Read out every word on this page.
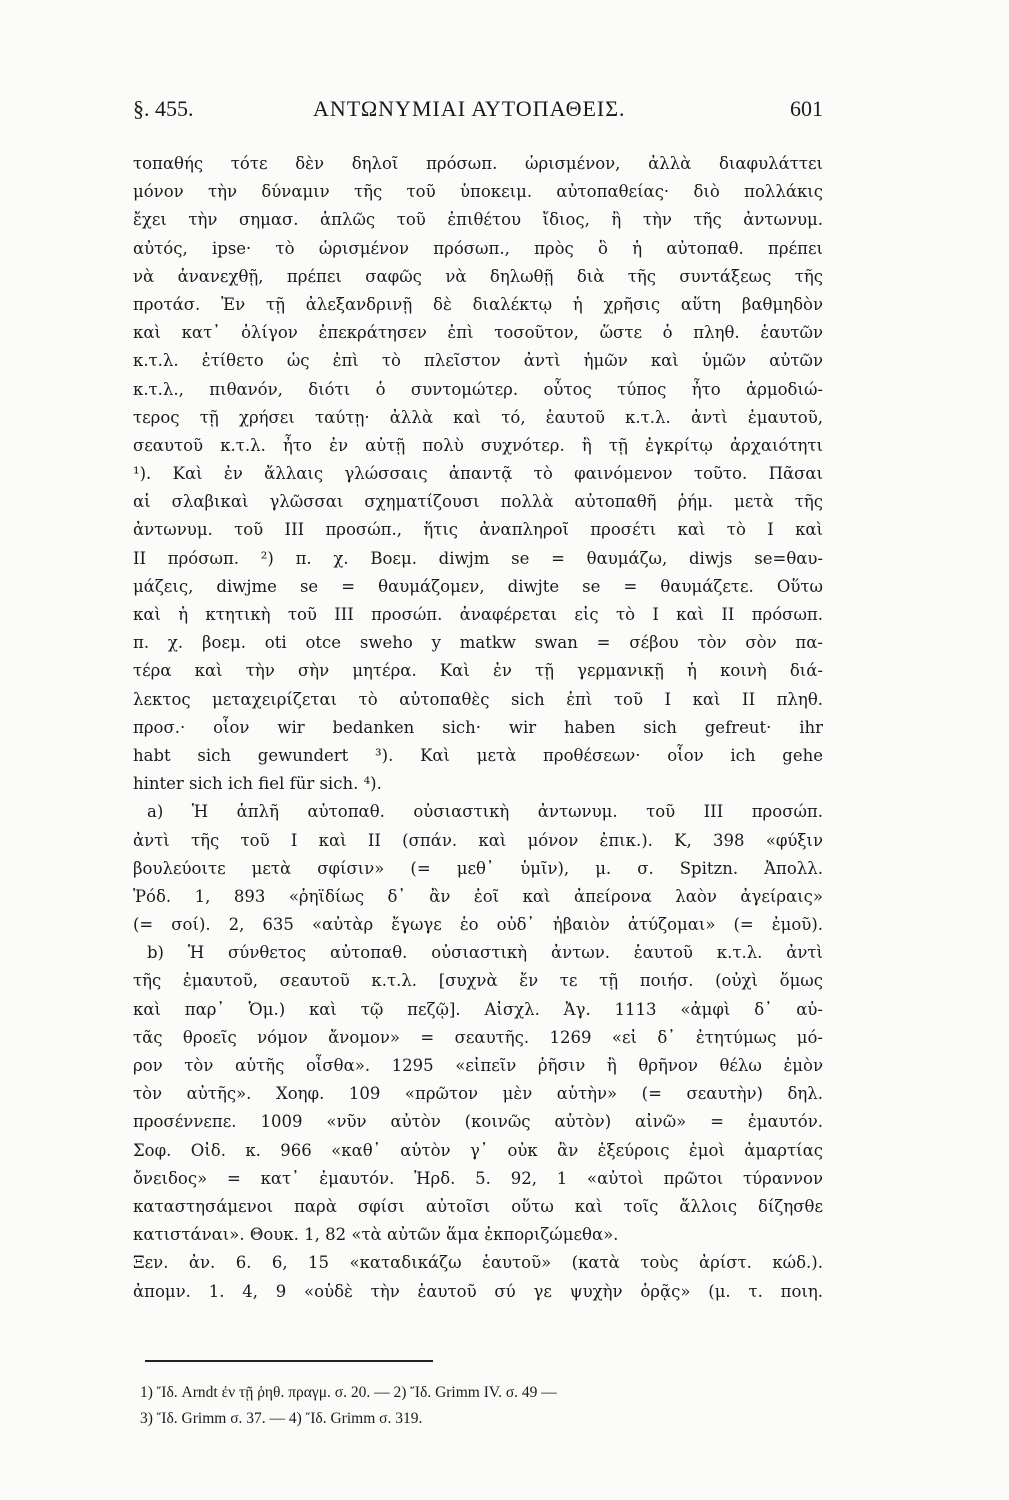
§. 455.	ΑΝΤΩΝΥΜΙΑΙ ΑΥΤΟΠΑΘΕΙΣ.	601
τοπαθής τότε δὲν δηλοῖ πρόσωπ. ὡρισμένον, ἀλλὰ διαφυλάττει
μόνον τὴν δύναμιν τῆς τοῦ ὑποκειμ. αὐτοπαθείας· διὸ πολλάκις
ἔχει τὴν σημασ. ἁπλῶς τοῦ ἐπιθέτου ἴδιος, ἢ τὴν τῆς ἀντωνυμ.
αὐτός, ipse· τὸ ὡρισμένον πρόσωπ., πρὸς ὃ ἡ αὐτοπαθ. πρέπει
νὰ ἀνανεχθῇ, πρέπει σαφῶς νὰ δηλωθῇ διὰ τῆς συντάξεως τῆς
προτάσ. Ἐν τῇ ἀλεξανδρινῇ δὲ διαλέκτῳ ἡ χρῆσις αὕτη βαθμηδὸν
καὶ κατ᾽ ὀλίγον ἐπεκράτησεν ἐπὶ τοσοῦτον, ὥστε ὁ πληθ. ἑαυτῶν
κ.τ.λ. ἐτίθετο ὡς ἐπὶ τὸ πλεῖστον ἀντὶ ἡμῶν καὶ ὑμῶν αὐτῶν
κ.τ.λ., πιθανόν, διότι ὁ συντομώτερ. οὗτος τύπος ἦτο ἁρμοδιώ-
τερος τῇ χρήσει ταύτῃ· ἀλλὰ καὶ τό, ἑαυτοῦ κ.τ.λ. ἀντὶ ἐμαυτοῦ,
σεαυτοῦ κ.τ.λ. ἦτο ἐν αὐτῇ πολὺ συχνότερ. ἢ τῇ ἐγκρίτῳ ἀρχαιότητι
¹). Καὶ ἐν ἄλλαις γλώσσαις ἀπαντᾷ τὸ φαινόμενον τοῦτο. Πᾶσαι
αἱ σλαβικαὶ γλῶσσαι σχηματίζουσι πολλὰ αὐτοπαθῆ ῥήμ. μετὰ τῆς
ἀντωνυμ. τοῦ III προσώπ., ἥτις ἀναπληροῖ προσέτι καὶ τὸ I καὶ
II πρόσωπ. ²) π. χ. Βοεμ. diwjm se = θαυμάζω, diwjs se=θαυ-
μάζεις, diwjme se = θαυμάζομεν, diwjte se = θαυμάζετε. Οὕτω
καὶ ἡ κτητικὴ τοῦ III προσώπ. ἀναφέρεται εἰς τὸ I καὶ II πρόσωπ.
π. χ. βοεμ. oti otce sweho y matkw swan = σέβου τὸν σὸν πα-
τέρα καὶ τὴν σὴν μητέρα. Καὶ ἐν τῇ γερμανικῇ ἡ κοινὴ διά-
λεκτος μεταχειρίζεται τὸ αὐτοπαθὲς sich ἐπὶ τοῦ I καὶ II πληθ.
προσ.· οἷον wir bedanken sich· wir haben sich gefreut· ihr
habt sich gewundert ³). Καὶ μετὰ προθέσεων· οἷον ich gehe
hinter sich ich fiel für sich. ⁴).
a) Ἡ ἁπλῆ αὐτοπαθ. οὐσιαστικὴ ἀντωνυμ. τοῦ III προσώπ.
ἀντὶ τῆς τοῦ I καὶ II (σπάν. καὶ μόνον ἐπικ.). Κ, 398 «φύξιν
βουλεύοιτε μετὰ σφίσιν» (= μεθ᾽ ὑμῖν), μ. σ. Spitzn. Ἀπολλ.
Ῥόδ. 1, 893 «ῥηϊδίως δ᾽ ἂν ἑοῖ καὶ ἀπείρονα λαὸν ἀγείραις»
(= σοί). 2, 635 «αὐτὰρ ἔγωγε ἑο οὐδ᾽ ἠβαιὸν ἀτύζομαι» (= ἐμοῦ).
b) Ἡ σύνθετος αὐτοπαθ. οὐσιαστικὴ ἀντων. ἑαυτοῦ κ.τ.λ. ἀντὶ
τῆς ἐμαυτοῦ, σεαυτοῦ κ.τ.λ. [συχνὰ ἔν τε τῇ ποιήσ. (οὐχὶ ὅμως
καὶ παρ᾽ Ὁμ.) καὶ τῷ πεζῷ]. Αἰσχλ. Ἀγ. 1113 «ἀμφὶ δ᾽ αὐ-
τᾶς θροεῖς νόμον ἄνομον» = σεαυτῆς. 1269 «εἰ δ᾽ ἐτητύμως μό-
ρον τὸν αὑτῆς οἶσθα». 1295 «εἰπεῖν ῥῆσιν ἢ θρῆνον θέλω ἐμὸν
τὸν αὐτῆς». Χοηφ. 109 «πρῶτον μὲν αὑτὴν» (= σεαυτὴν) δηλ.
προσέννεπε. 1009 «νῦν αὐτὸν (κοινῶς αὑτὸν) αἰνῶ» = ἐμαυτόν.
Σοφ. Οἰδ. κ. 966 «καθ᾽ αὑτὸν γ᾽ οὐκ ἂν ἐξεύροις ἐμοὶ ἁμαρτίας
ὄνειδος» = κατ᾽ ἐμαυτόν. Ἡρδ. 5. 92, 1 «αὐτοὶ πρῶτοι τύραννον
καταστησάμενοι παρὰ σφίσι αὐτοῖσι οὕτω καὶ τοῖς ἄλλοις δίζησθε
κατιστάναι». Θουκ. 1, 82 «τὰ αὐτῶν ἅμα ἐκποριζώμεθα».
Ξεν. ἀν. 6. 6, 15 «καταδικάζω ἑαυτοῦ» (κατὰ τοὺς ἀρίστ. κώδ.).
ἀπομν. 1. 4, 9 «οὐδὲ τὴν ἑαυτοῦ σύ γε ψυχὴν ὁρᾷς» (μ. τ. ποιη.
1) Ἴδ. Arndt ἐν τῇ ῥηθ. πραγμ. σ. 20. — 2) Ἴδ. Grimm IV. σ. 49 —
3) Ἴδ. Grimm σ. 37. — 4) Ἴδ. Grimm σ. 319.
